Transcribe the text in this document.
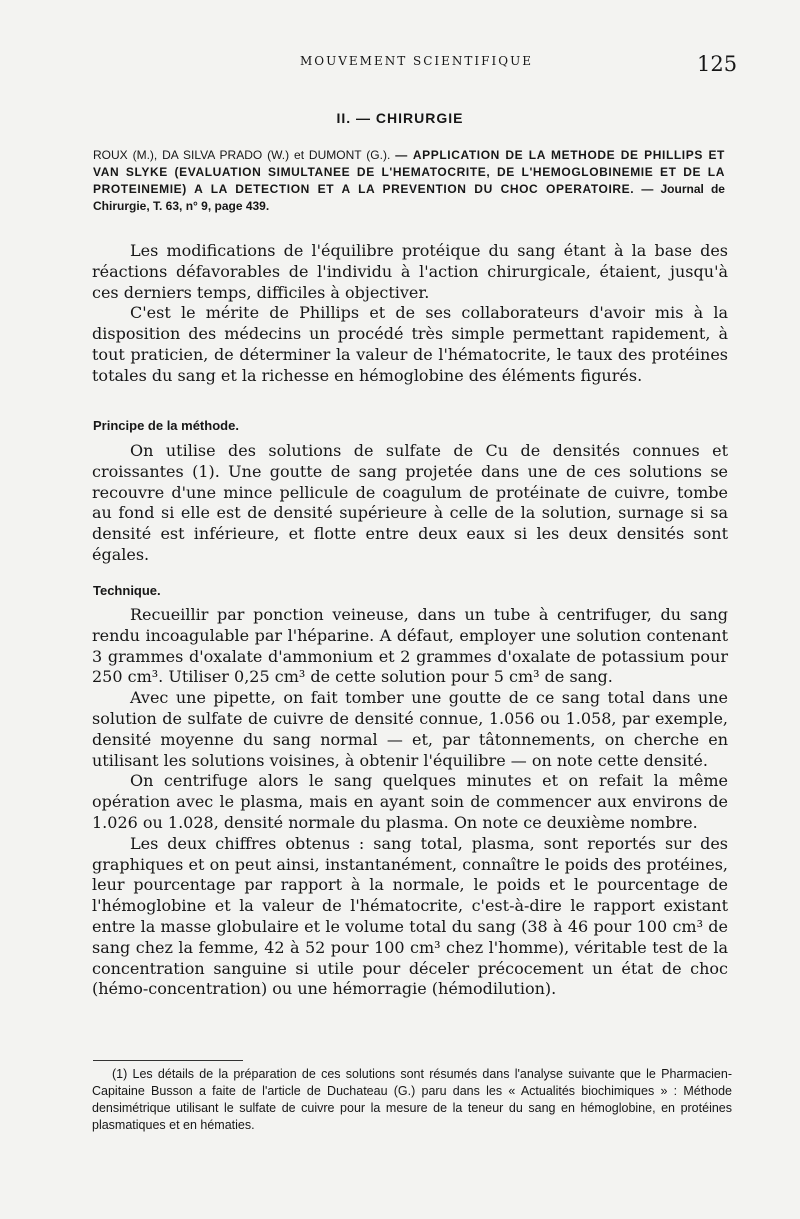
MOUVEMENT SCIENTIFIQUE	125
II. — CHIRURGIE
ROUX (M.), DA SILVA PRADO (W.) et DUMONT (G.). — APPLICATION DE LA METHODE DE PHILLIPS ET VAN SLYKE (EVALUATION SIMULTANEE DE L'HEMATOCRITE, DE L'HEMOGLOBINEMIE ET DE LA PROTEINEMIE) A LA DETECTION ET A LA PREVENTION DU CHOC OPERATOIRE. — Journal de Chirurgie, T. 63, n° 9, page 439.

Les modifications de l'équilibre protéique du sang étant à la base des réactions défavorables de l'individu à l'action chirurgicale, étaient, jusqu'à ces derniers temps, difficiles à objectiver.

C'est le mérite de Phillips et de ses collaborateurs d'avoir mis à la disposition des médecins un procédé très simple permettant rapidement, à tout praticien, de déterminer la valeur de l'hématocrite, le taux des protéines totales du sang et la richesse en hémoglobine des éléments figurés.

Principe de la méthode.

On utilise des solutions de sulfate de Cu de densités connues et croissantes (1). Une goutte de sang projetée dans une de ces solutions se recouvre d'une mince pellicule de coagulum de protéinate de cuivre, tombe au fond si elle est de densité supérieure à celle de la solution, surnage si sa densité est inférieure, et flotte entre deux eaux si les deux densités sont égales.

Technique.

Recueillir par ponction veineuse, dans un tube à centrifuger, du sang rendu incoagulable par l'héparine. A défaut, employer une solution contenant 3 grammes d'oxalate d'ammonium et 2 grammes d'oxalate de potassium pour 250 cm³. Utiliser 0,25 cm³ de cette solution pour 5 cm³ de sang.

Avec une pipette, on fait tomber une goutte de ce sang total dans une solution de sulfate de cuivre de densité connue, 1.056 ou 1.058, par exemple, densité moyenne du sang normal — et, par tâtonnements, on cherche en utilisant les solutions voisines, à obtenir l'équilibre — on note cette densité.

On centrifuge alors le sang quelques minutes et on refait la même opération avec le plasma, mais en ayant soin de commencer aux environs de 1.026 ou 1.028, densité normale du plasma. On note ce deuxième nombre.

Les deux chiffres obtenus : sang total, plasma, sont reportés sur des graphiques et on peut ainsi, instantanément, connaître le poids des protéines, leur pourcentage par rapport à la normale, le poids et le pourcentage de l'hémoglobine et la valeur de l'hématocrite, c'est-à-dire le rapport existant entre la masse globulaire et le volume total du sang (38 à 46 pour 100 cm³ de sang chez la femme, 42 à 52 pour 100 cm³ chez l'homme), véritable test de la concentration sanguine si utile pour déceler précocement un état de choc (hémo-concentration) ou une hémorragie (hémodilution).

(1) Les détails de la préparation de ces solutions sont résumés dans l'analyse suivante que le Pharmacien-Capitaine Busson a faite de l'article de Duchateau (G.) paru dans les « Actualités biochimiques » : Méthode densimétrique utilisant le sulfate de cuivre pour la mesure de la teneur du sang en hémoglobine, en protéines plasmatiques et en hématies.
